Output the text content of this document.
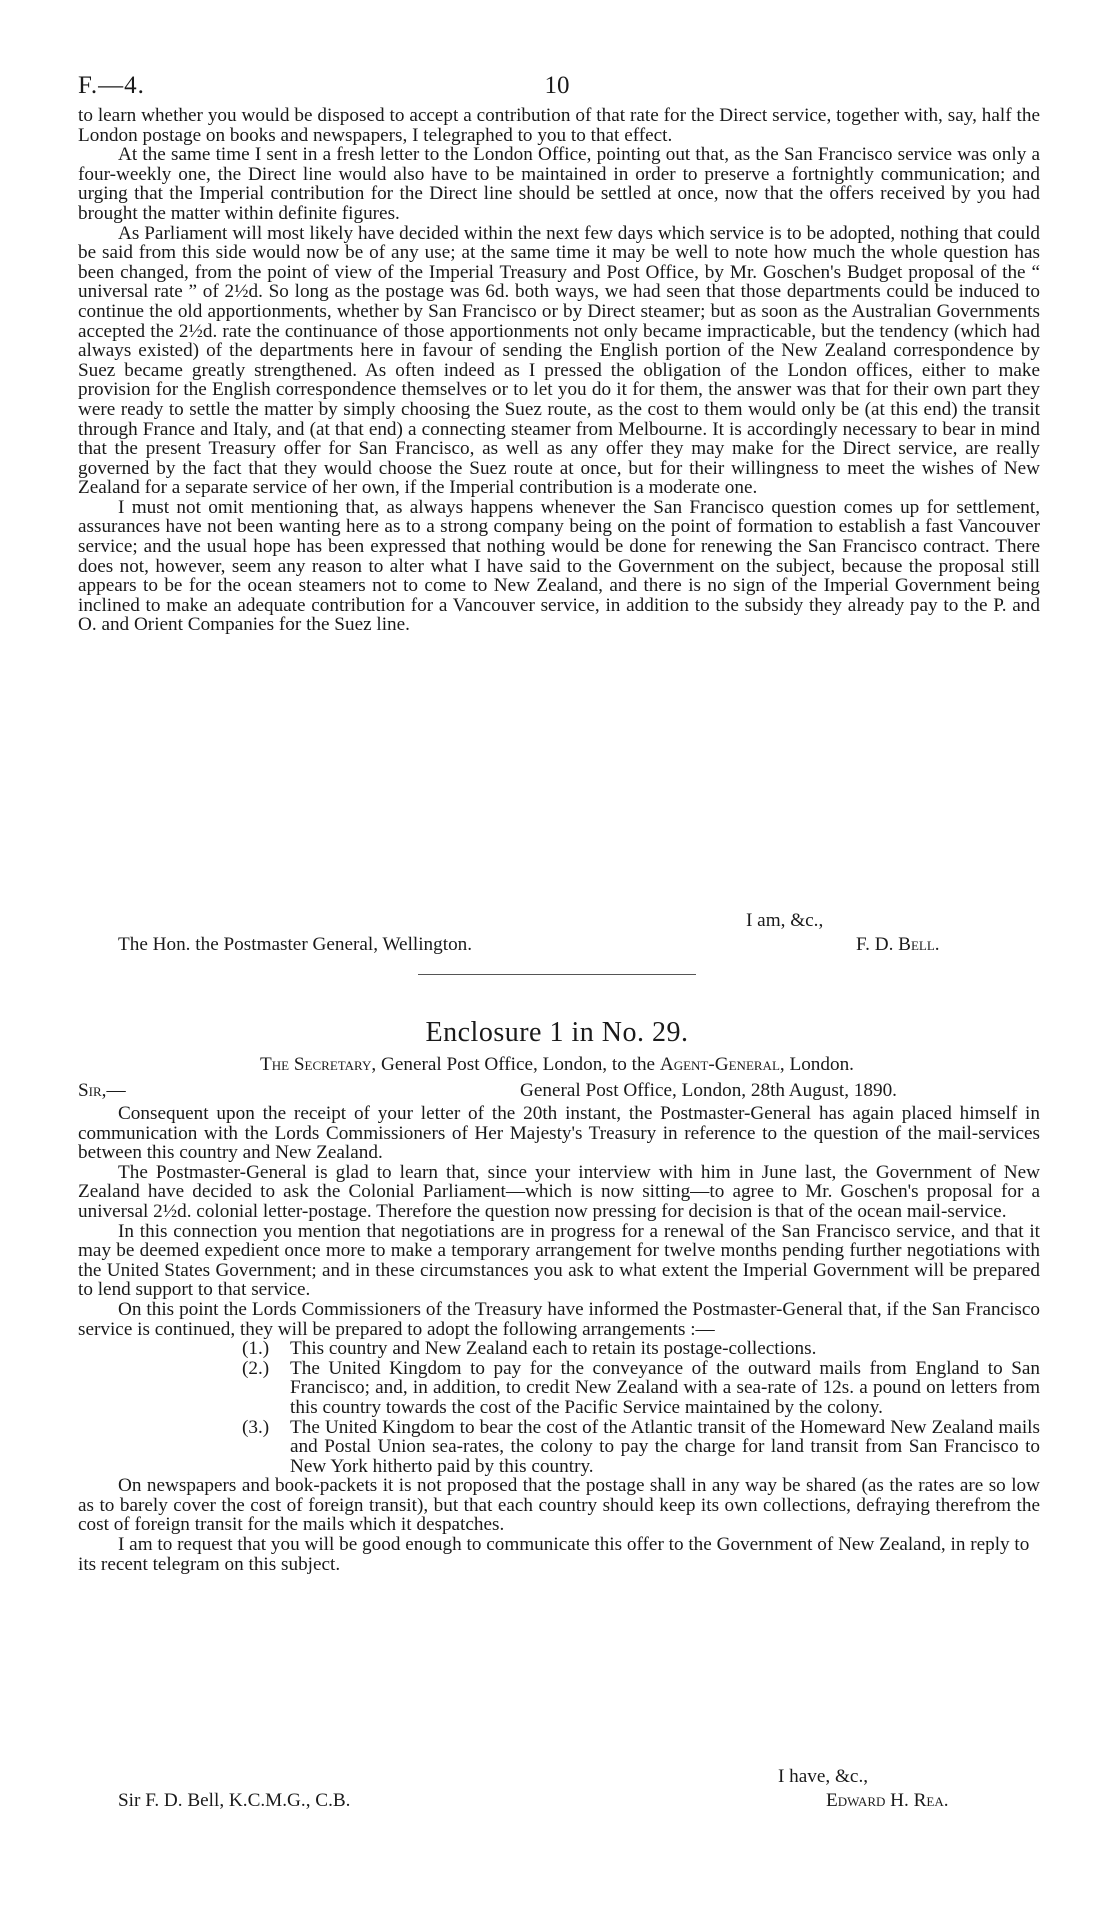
F.—4.	10

to learn whether you would be disposed to accept a contribution of that rate for the Direct service, together with, say, half the London postage on books and newspapers, I telegraphed to you to that effect.

At the same time I sent in a fresh letter to the London Office, pointing out that, as the San Francisco service was only a four-weekly one, the Direct line would also have to be maintained in order to preserve a fortnightly communication; and urging that the Imperial contribution for the Direct line should be settled at once, now that the offers received by you had brought the matter within definite figures.

As Parliament will most likely have decided within the next few days which service is to be adopted, nothing that could be said from this side would now be of any use; at the same time it may be well to note how much the whole question has been changed, from the point of view of the Imperial Treasury and Post Office, by Mr. Goschen's Budget proposal of the “ universal rate ” of 2½d. So long as the postage was 6d. both ways, we had seen that those departments could be induced to continue the old apportionments, whether by San Francisco or by Direct steamer; but as soon as the Australian Governments accepted the 2½d. rate the continuance of those apportionments not only became impracticable, but the tendency (which had always existed) of the departments here in favour of sending the English portion of the New Zealand correspondence by Suez became greatly strengthened. As often indeed as I pressed the obligation of the London offices, either to make provision for the English correspondence themselves or to let you do it for them, the answer was that for their own part they were ready to settle the matter by simply choosing the Suez route, as the cost to them would only be (at this end) the transit through France and Italy, and (at that end) a connecting steamer from Melbourne. It is accordingly necessary to bear in mind that the present Treasury offer for San Francisco, as well as any offer they may make for the Direct service, are really governed by the fact that they would choose the Suez route at once, but for their willingness to meet the wishes of New Zealand for a separate service of her own, if the Imperial contribution is a moderate one.

I must not omit mentioning that, as always happens whenever the San Francisco question comes up for settlement, assurances have not been wanting here as to a strong company being on the point of formation to establish a fast Vancouver service; and the usual hope has been expressed that nothing would be done for renewing the San Francisco contract. There does not, however, seem any reason to alter what I have said to the Government on the subject, because the proposal still appears to be for the ocean steamers not to come to New Zealand, and there is no sign of the Imperial Government being inclined to make an adequate contribution for a Vancouver service, in addition to the subsidy they already pay to the P. and O. and Orient Companies for the Suez line.

I am, &c.,
The Hon. the Postmaster General, Wellington.	F. D. Bell.
Enclosure 1 in No. 29.
The Secretary, General Post Office, London, to the Agent-General, London.
Sir,—	General Post Office, London, 28th August, 1890.

Consequent upon the receipt of your letter of the 20th instant, the Postmaster-General has again placed himself in communication with the Lords Commissioners of Her Majesty's Treasury in reference to the question of the mail-services between this country and New Zealand.

The Postmaster-General is glad to learn that, since your interview with him in June last, the Government of New Zealand have decided to ask the Colonial Parliament—which is now sitting—to agree to Mr. Goschen's proposal for a universal 2½d. colonial letter-postage. Therefore the question now pressing for decision is that of the ocean mail-service.

In this connection you mention that negotiations are in progress for a renewal of the San Francisco service, and that it may be deemed expedient once more to make a temporary arrangement for twelve months pending further negotiations with the United States Government; and in these circumstances you ask to what extent the Imperial Government will be prepared to lend support to that service.

On this point the Lords Commissioners of the Treasury have informed the Postmaster-General that, if the San Francisco service is continued, they will be prepared to adopt the following arrangements :—

(1.) This country and New Zealand each to retain its postage-collections.
(2.) The United Kingdom to pay for the conveyance of the outward mails from England to San Francisco; and, in addition, to credit New Zealand with a sea-rate of 12s. a pound on letters from this country towards the cost of the Pacific Service maintained by the colony.
(3.) The United Kingdom to bear the cost of the Atlantic transit of the Homeward New Zealand mails and Postal Union sea-rates, the colony to pay the charge for land transit from San Francisco to New York hitherto paid by this country.

On newspapers and book-packets it is not proposed that the postage shall in any way be shared (as the rates are so low as to barely cover the cost of foreign transit), but that each country should keep its own collections, defraying therefrom the cost of foreign transit for the mails which it despatches.

I am to request that you will be good enough to communicate this offer to the Government of New Zealand, in reply to its recent telegram on this subject.

I have, &c.,
Sir F. D. Bell, K.C.M.G., C.B.	Edward H. Rea.
